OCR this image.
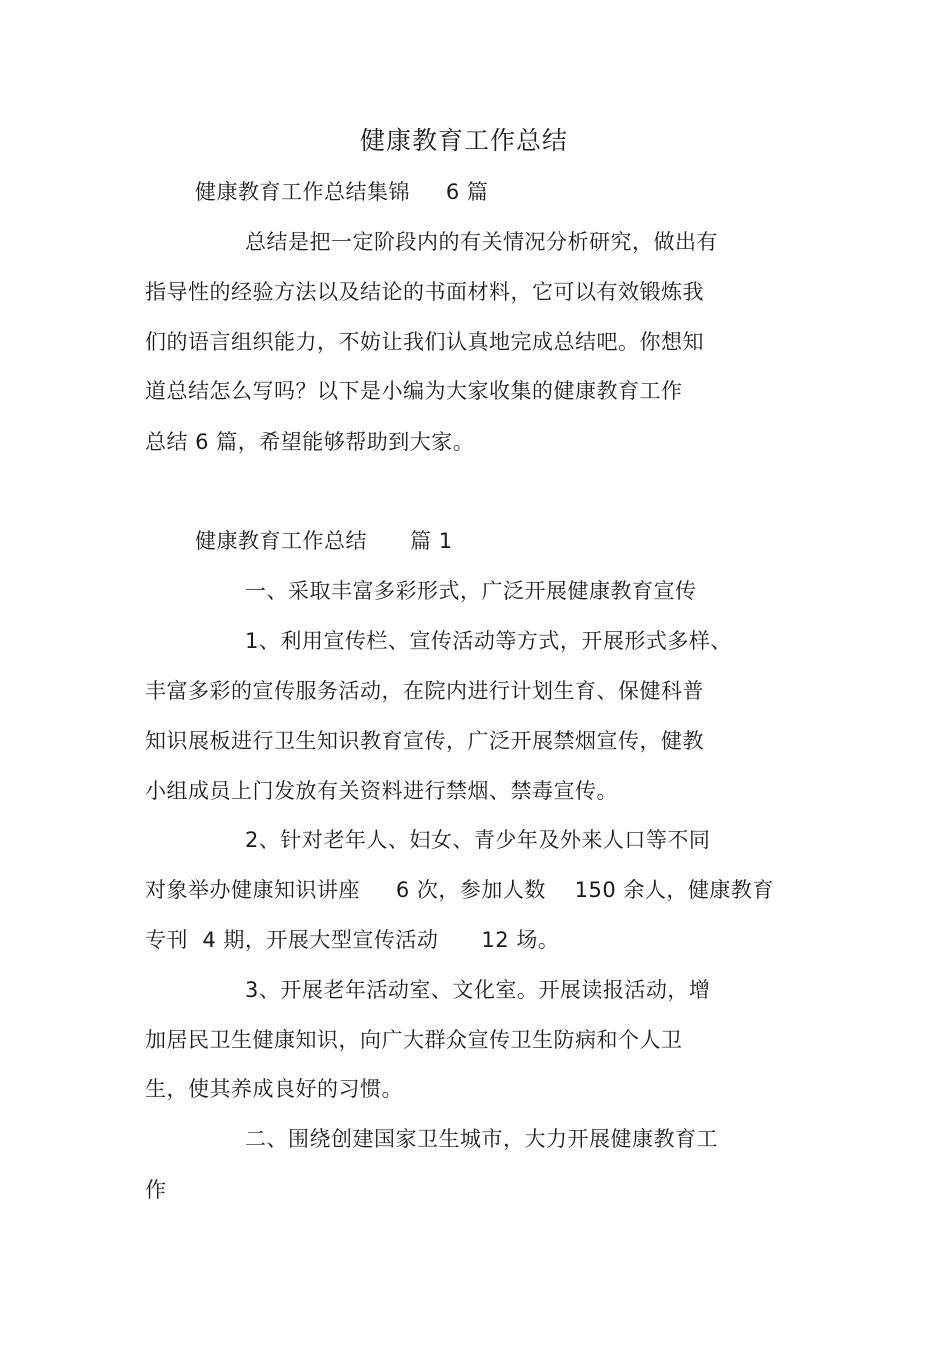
健康教育工作总结
健康教育工作总结集锦     6 篇
总结是把一定阶段内的有关情况分析研究，做出有
指导性的经验方法以及结论的书面材料，它可以有效锻炼我
们的语言组织能力，不妨让我们认真地完成总结吧。你想知
道总结怎么写吗？以下是小编为大家收集的健康教育工作
总结 6 篇，希望能够帮助到大家。
健康教育工作总结      篇 1
一、采取丰富多彩形式，广泛开展健康教育宣传
1、利用宣传栏、宣传活动等方式，开展形式多样、
丰富多彩的宣传服务活动，在院内进行计划生育、保健科普
知识展板进行卫生知识教育宣传，广泛开展禁烟宣传，健教
小组成员上门发放有关资料进行禁烟、禁毒宣传。
2、针对老年人、妇女、青少年及外来人口等不同
对象举办健康知识讲座     6 次，参加人数    150 余人，健康教育
专刊  4 期，开展大型宣传活动      12 场。
3、开展老年活动室、文化室。开展读报活动，增
加居民卫生健康知识，向广大群众宣传卫生防病和个人卫
生，使其养成良好的习惯。
二、围绕创建国家卫生城市，大力开展健康教育工
作
